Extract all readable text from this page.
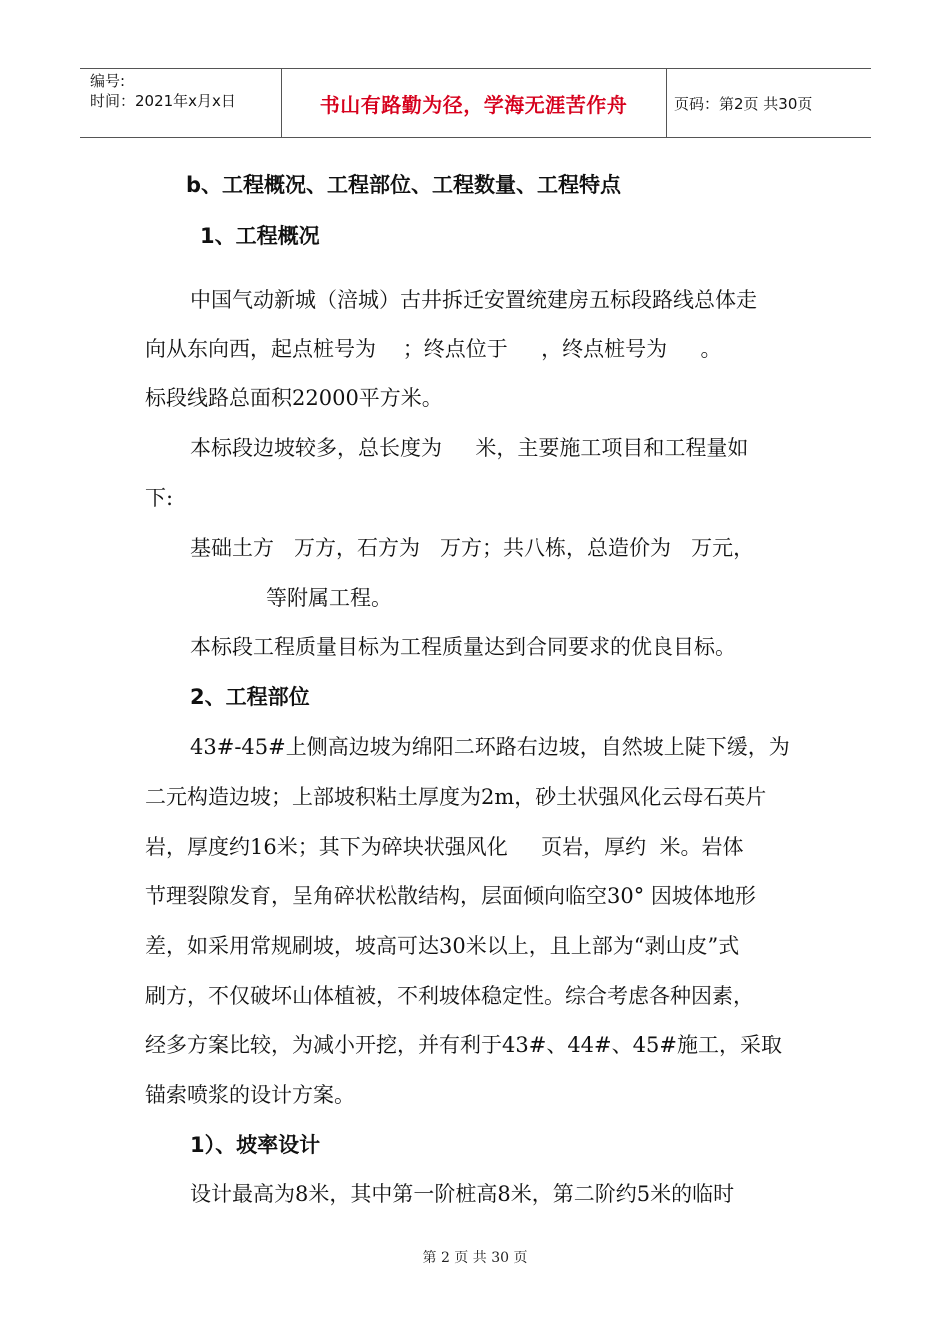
编号:
时间：2021年x月x日	书山有路勤为径，学海无涯苦作舟	页码：第2页 共30页
b、工程概况、工程部位、工程数量、工程特点
1、工程概况
中国气动新城（涪城）古井拆迁安置统建房五标段路线总体走
向从东向西，起点桩号为    ；终点位于     ，终点桩号为     。
标段线路总面积22000平方米。
本标段边坡较多，总长度为     米，主要施工项目和工程量如
下:
基础土方   万方，石方为   万方；共八栋，总造价为   万元，
等附属工程。
本标段工程质量目标为工程质量达到合同要求的优良目标。
2、工程部位
43#-45#上侧高边坡为绵阳二环路右边坡，自然坡上陡下缓，为
二元构造边坡；上部坡积粘土厚度为2m，砂土状强风化云母石英片
岩，厚度约16米；其下为碎块状强风化     页岩，厚约  米。岩体
节理裂隙发育，呈角碎状松散结构，层面倾向临空30° 因坡体地形
差，如采用常规刷坡，坡高可达30米以上，且上部为“剥山皮”式
刷方，不仅破坏山体植被，不利坡体稳定性。综合考虑各种因素，
经多方案比较，为减小开挖，并有利于43#、44#、45#施工，采取
锚索喷浆的设计方案。
1）、坡率设计
设计最高为8米，其中第一阶桩高8米，第二阶约5米的临时
第 2 页 共 30 页
